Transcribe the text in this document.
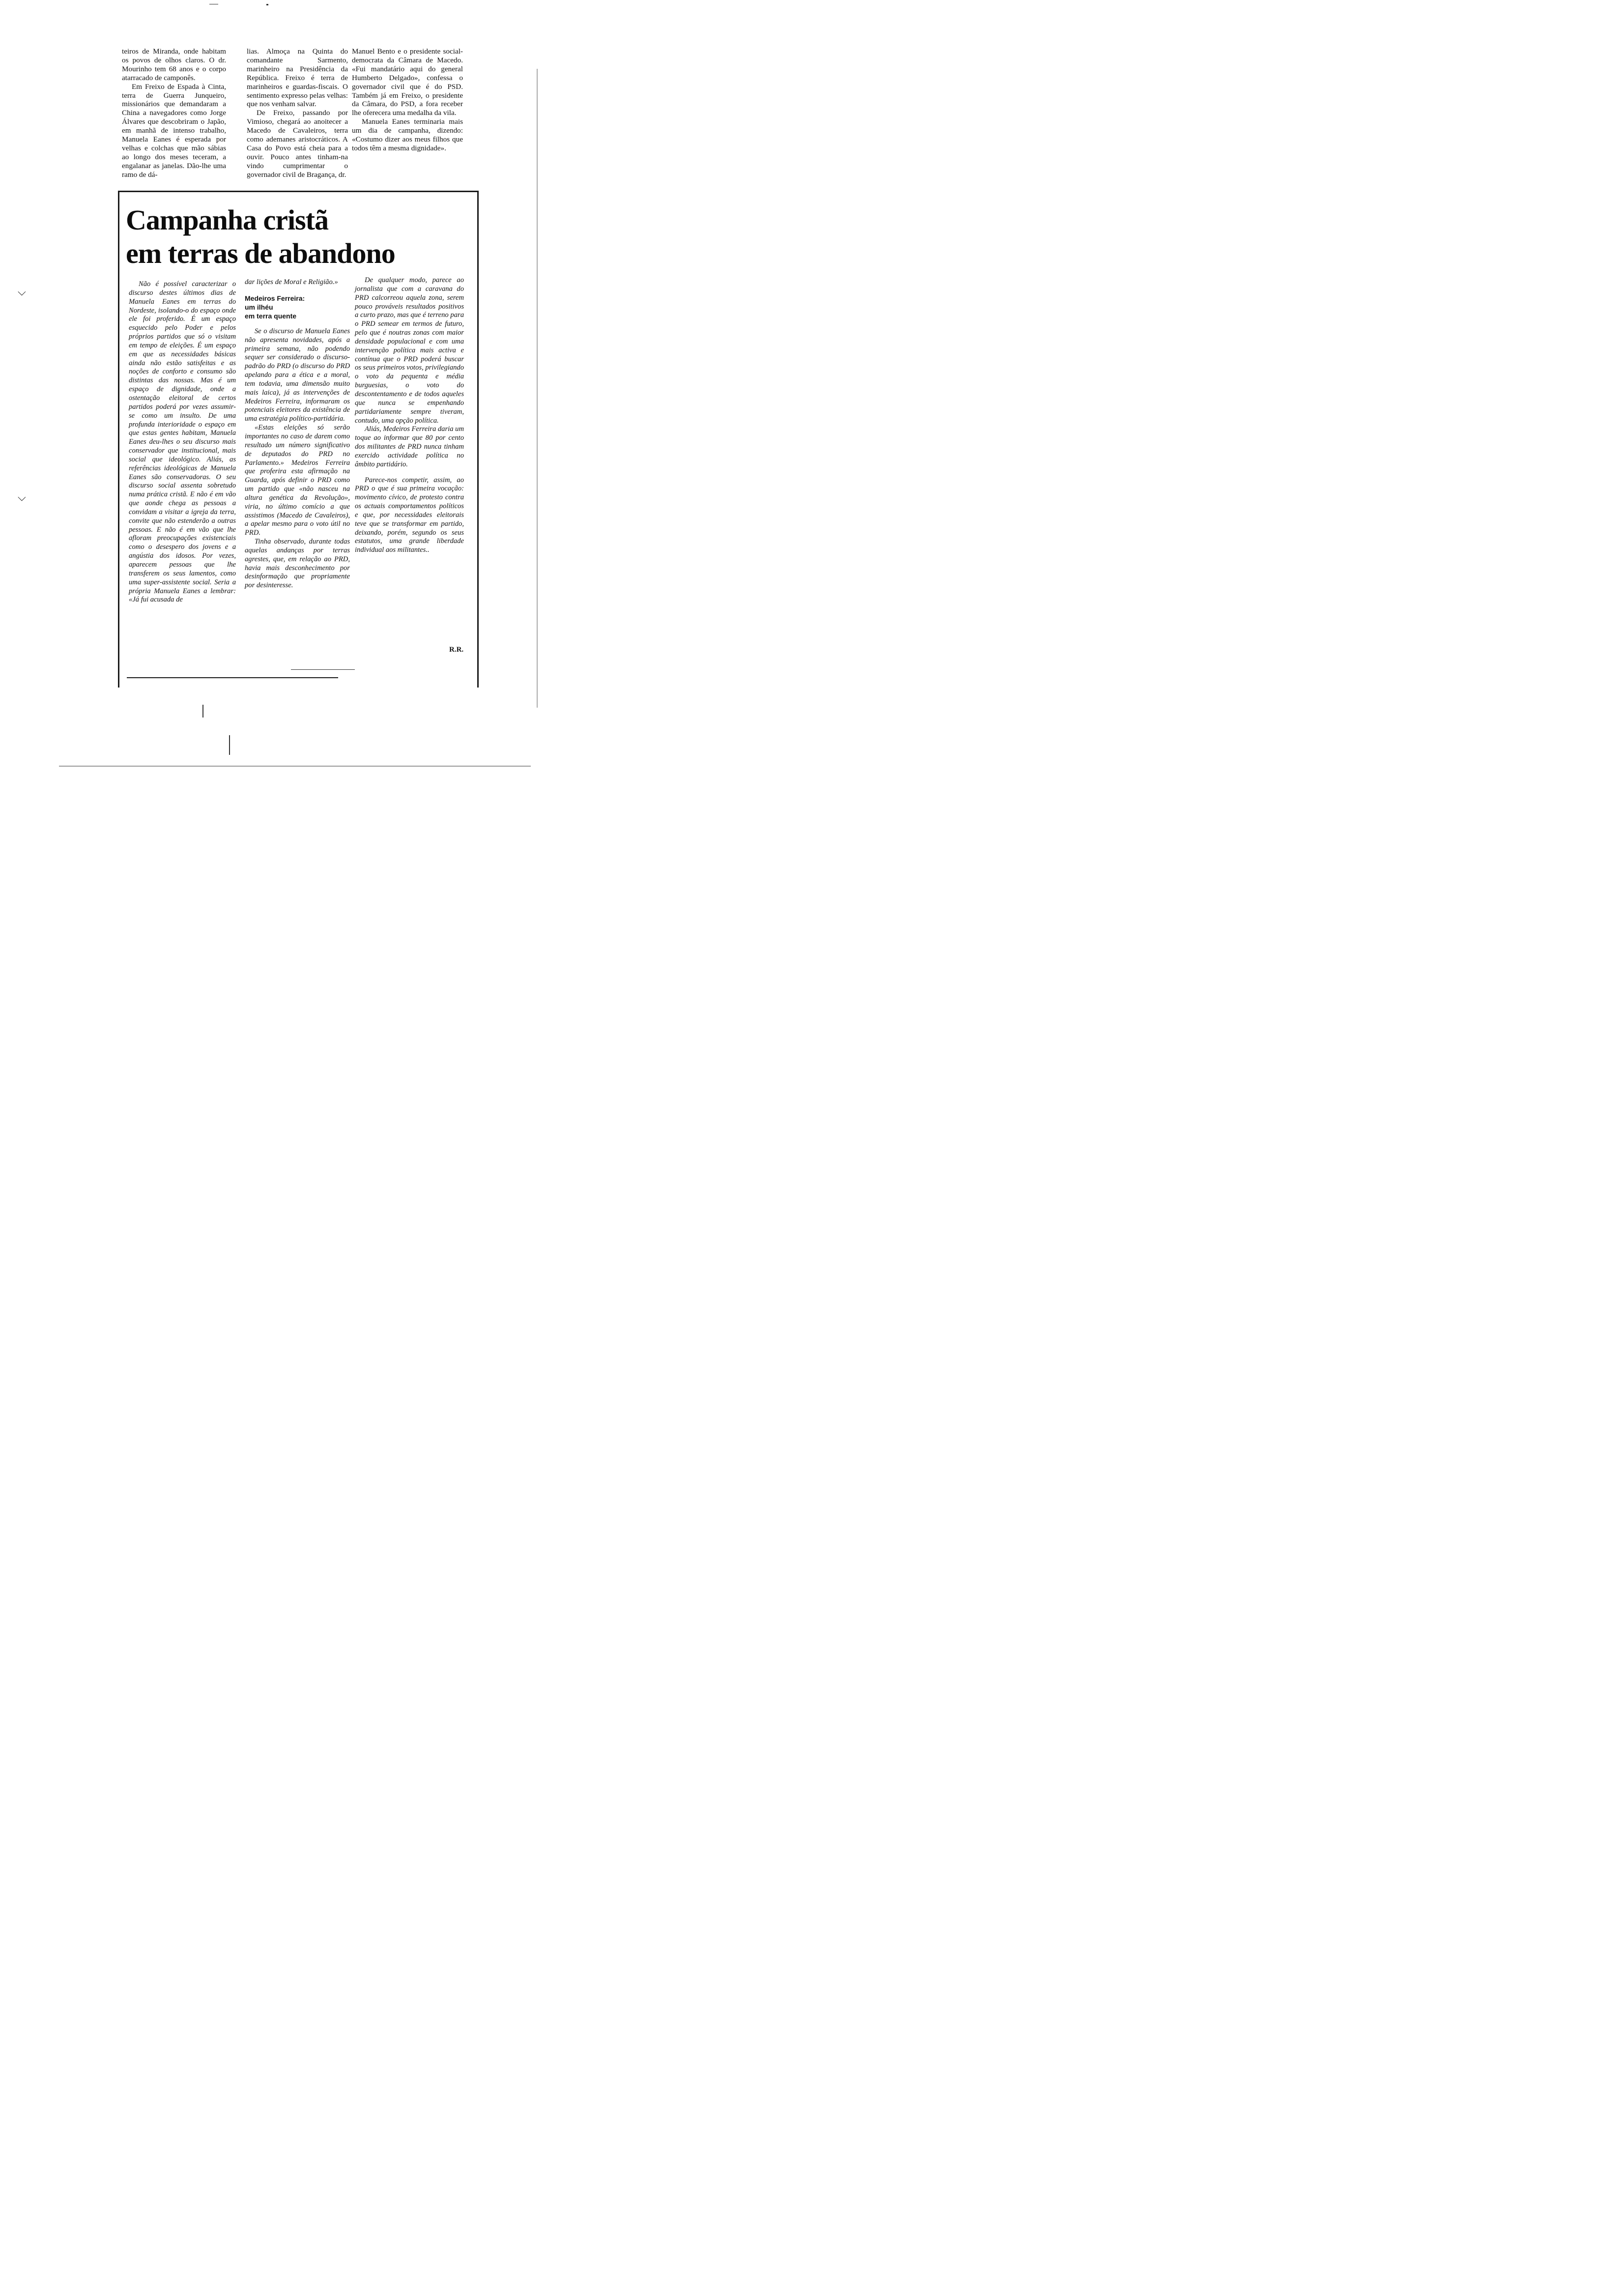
⌵
⌵

teiros de Miranda, onde habitam os povos de olhos claros. O dr. Mourinho tem 68 anos e o corpo atarracado de camponês.

Em Freixo de Espada à Cinta, terra de Guerra Junqueiro, missionários que demandaram a China a navegadores como Jorge Álvares que descobriram o Japão, em manhã de intenso trabalho, Manuela Eanes é esperada por velhas e colchas que mão sábias ao longo dos meses teceram, a engalanar as janelas. Dão-lhe uma ramo de dá-

lias. Almoça na Quinta do comandante Sarmento, marinheiro na Presidência da República. Freixo é terra de marinheiros e guardas-fiscais. O sentimento expresso pelas velhas: que nos venham salvar.

De Freixo, passando por Vimioso, chegará ao anoitecer a Macedo de Cavaleiros, terra como ademanes aristocráticos. A Casa do Povo está cheia para a ouvir. Pouco antes tinham-na vindo cumprimentar o governador civil de Bragança, dr.

Manuel Bento e o presidente social-democrata da Câmara de Macedo. «Fui mandatário aqui do general Humberto Delgado», confessa o governador civil que é do PSD. Também já em Freixo, o presidente da Câmara, do PSD, a fora receber lhe oferecera uma medalha da vila.

Manuela Eanes terminaria mais um dia de campanha, dizendo: «Costumo dizer aos meus filhos que todos têm a mesma dignidade».

Campanha cristã
em terras de abandono

Não é possível caracterizar o discurso destes últimos dias de Manuela Eanes em terras do Nordeste, isolando-o do espaço onde ele foi proferido. É um espaço esquecido pelo Poder e pelos próprios partidos que só o visitam em tempo de eleições. É um espaço em que as necessidades básicas ainda não estão satisfeitas e as noções de conforto e consumo são distintas das nossas. Mas é um espaço de dignidade, onde a ostentação eleitoral de certos partidos poderá por vezes assumir-se como um insulto. De uma profunda interioridade o espaço em que estas gentes habitam, Manuela Eanes deu-lhes o seu discurso mais conservador que institucional, mais social que ideológico. Aliás, as referências ideológicas de Manuela Eanes são conservadoras. O seu discurso social assenta sobretudo numa prática cristã. E não é em vão que aonde chega as pessoas a convidam a visitar a igreja da terra, convite que não estenderão a outras pessoas. E não é em vão que lhe afloram preocupações existenciais como o desespero dos jovens e a angústia dos idosos. Por vezes, aparecem pessoas que lhe transferem os seus lamentos, como uma super-assistente social. Seria a própria Manuela Eanes a lembrar: «Já fui acusada de

dar lições de Moral e Religião.»

Medeiros Ferreira:
um ilhéu
em terra quente

Se o discurso de Manuela Eanes não apresenta novidades, após a primeira semana, não podendo sequer ser considerado o discurso-padrão do PRD (o discurso do PRD apelando para a ética e a moral, tem todavia, uma dimensão muito mais laica), já as intervenções de Medeiros Ferreira, informaram os potenciais eleitores da existência de uma estratégia político-partidária.

«Estas eleições só serão importantes no caso de darem como resultado um número significativo de deputados do PRD no Parlamento.» Medeiros Ferreira que proferira esta afirmação na Guarda, após definir o PRD como um partido que «não nasceu na altura genética da Revolução», viria, no último comício a que assistimos (Macedo de Cavaleiros), a apelar mesmo para o voto útil no PRD.

Tinha observado, durante todas aquelas andanças por terras agrestes, que, em relação ao PRD, havia mais desconhecimento por desinformação que propriamente por desinteresse.

De qualquer modo, parece ao jornalista que com a caravana do PRD calcorreou aquela zona, serem pouco prováveis resultados positivos a curto prazo, mas que é terreno para o PRD semear em termos de futuro, pelo que é noutras zonas com maior densidade populacional e com uma intervenção política mais activa e contínua que o PRD poderá buscar os seus primeiros votos, privilegiando o voto da pequenta e média burguesias, o voto do descontentamento e de todos aqueles que nunca se empenhando partidariamente sempre tiveram, contudo, uma opção política.

Aliás, Medeiros Ferreira daria um toque ao informar que 80 por cento dos militantes de PRD nunca tinham exercido actividade política no âmbito partidário.

Parece-nos competir, assim, ao PRD o que é sua primeira vocação: movimento cívico, de protesto contra os actuais comportamentos políticos e que, por necessidades eleitorais teve que se transformar em partido, deixando, porém, segundo os seus estatutos, uma grande liberdade individual aos militantes..

R.R.
